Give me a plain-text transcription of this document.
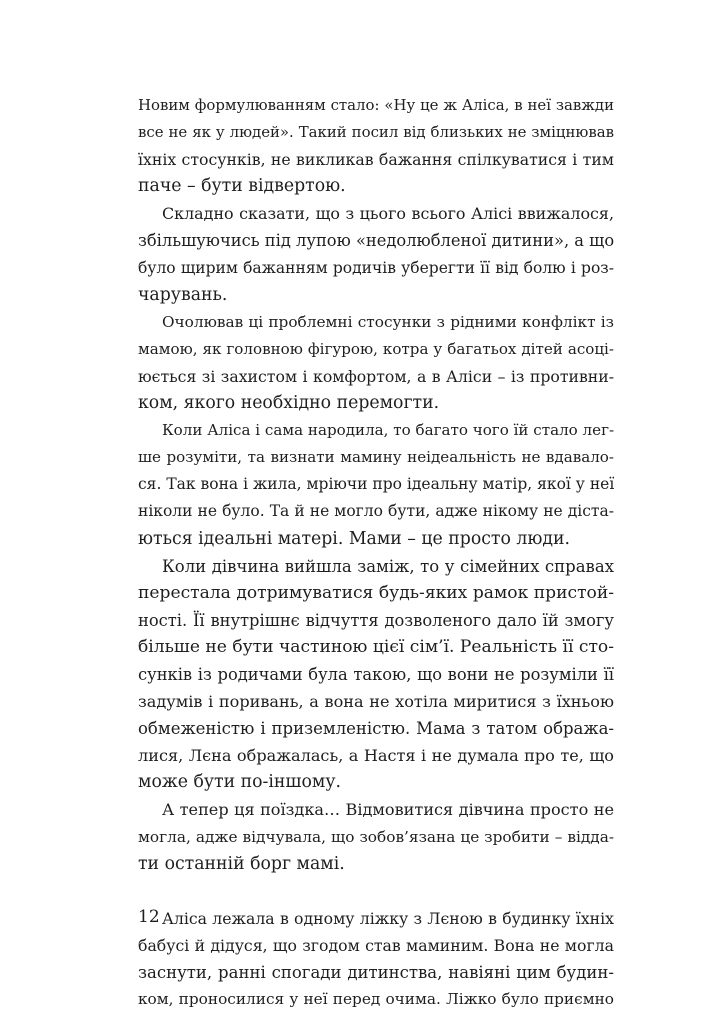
Новим формулюванням стало: «Ну це ж Аліса, в неї завжди
все не як у людей». Такий посил від близьких не зміцнював
їхніх стосунків, не викликав бажання спілкуватися і тим
паче – бути відвертою.
Складно сказати, що з цього всього Алісі ввижалося,
збільшуючись під лупою «недолюбленої дитини», а що
було щирим бажанням родичів уберегти її від болю і роз-
чарувань.
Очолював ці проблемні стосунки з рідними конфлікт із
мамою, як головною фігурою, котра у багатьох дітей асоці-
юється зі захистом і комфортом, а в Аліси – із противни-
ком, якого необхідно перемогти.
Коли Аліса і сама народила, то багато чого їй стало лег-
ше розуміти, та визнати мамину неідеальність не вдавало-
ся. Так вона і жила, мріючи про ідеальну матір, якої у неї
ніколи не було. Та й не могло бути, адже нікому не діста-
ються ідеальні матері. Мами – це просто люди.
Коли дівчина вийшла заміж, то у сімейних справах
перестала дотримуватися будь-яких рамок пристой-
ності. Її внутрішнє відчуття дозволеного дало їй змогу
більше не бути частиною цієї сім’ї. Реальність її сто-
сунків із родичами була такою, що вони не розуміли її
задумів і поривань, а вона не хотіла миритися з їхньою
обмеженістю і приземленістю. Мама з татом ображa-
лися, Лєна ображалась, а Настя і не думала про те, що
може бути по-іншому.
А тепер ця поїздка… Відмовитися дівчина просто не
могла, адже відчувала, що зобов’язана це зробити – відда-
ти останній борг мамі.
Аліса лежала в одному ліжку з Лєною в будинку їхніх
бабусі й дідуся, що згодом став маминим. Вона не могла
заснути, ранні спогади дитинства, навіяні цим будин-
ком, проносилися у неї перед очима. Ліжко було приємно
12
